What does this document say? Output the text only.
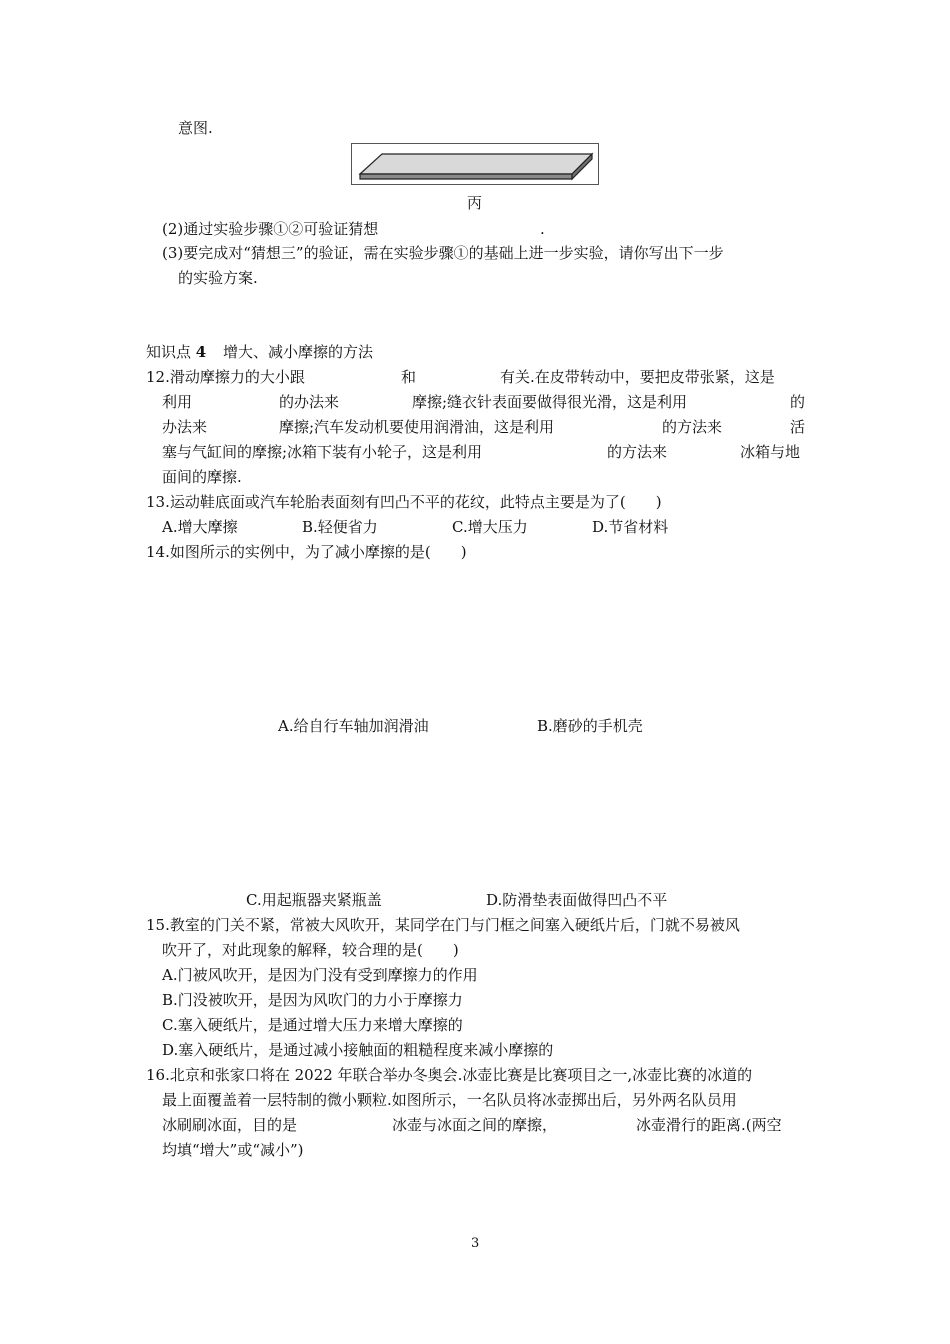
意图.
丙
(2)通过实验步骤①②可验证猜想	.
(3)要完成对“猜想三”的验证，需在实验步骤①的基础上进一步实验，请你写出下一步
的实验方案.
知识点 4 增大、减小摩擦的方法
12.滑动摩擦力的大小跟	和	有关.在皮带转动中，要把皮带张紧，这是
利用	的办法来	摩擦;缝衣针表面要做得很光滑，这是利用	的
办法来	摩擦;汽车发动机要使用润滑油，这是利用	的方法来	活
塞与气缸间的摩擦;冰箱下装有小轮子，这是利用	的方法来	冰箱与地
面间的摩擦.
13.运动鞋底面或汽车轮胎表面刻有凹凸不平的花纹，此特点主要是为了(　　)
A.增大摩擦	B.轻便省力	C.增大压力	D.节省材料
14.如图所示的实例中，为了减小摩擦的是(　　)
A.给自行车轴加润滑油	B.磨砂的手机壳
C.用起瓶器夹紧瓶盖	D.防滑垫表面做得凹凸不平
15.教室的门关不紧，常被大风吹开，某同学在门与门框之间塞入硬纸片后，门就不易被风
吹开了，对此现象的解释，较合理的是(　　)
A.门被风吹开，是因为门没有受到摩擦力的作用
B.门没被吹开，是因为风吹门的力小于摩擦力
C.塞入硬纸片，是通过增大压力来增大摩擦的
D.塞入硬纸片，是通过减小接触面的粗糙程度来减小摩擦的
16.北京和张家口将在 2022 年联合举办冬奥会.冰壶比赛是比赛项目之一,冰壶比赛的冰道的
最上面覆盖着一层特制的微小颗粒.如图所示，一名队员将冰壶掷出后，另外两名队员用
冰刷刷冰面，目的是	冰壶与冰面之间的摩擦，	冰壶滑行的距离.(两空
均填“增大”或“减小”)
3
